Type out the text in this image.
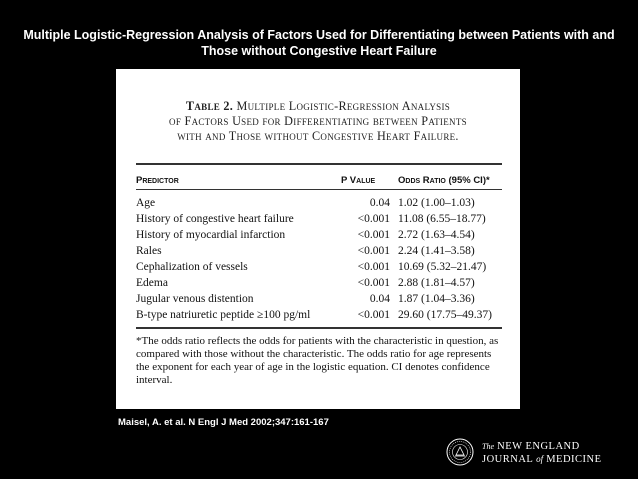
Multiple Logistic-Regression Analysis of Factors Used for Differentiating between Patients with and Those without Congestive Heart Failure
Table 2. Multiple Logistic-Regression Analysis
of Factors Used for Differentiating between Patients
with and Those without Congestive Heart Failure.
Predictor	P Value Odds Ratio (95% CI)*
Age	0.04 1.02 (1.00–1.03)
History of congestive heart failure	<0.001 11.08 (6.55–18.77)
History of myocardial infarction	<0.001 2.72 (1.63–4.54)
Rales	<0.001 2.24 (1.41–3.58)
Cephalization of vessels	<0.001 10.69 (5.32–21.47)
Edema	<0.001 2.88 (1.81–4.57)
Jugular venous distention	0.04 1.87 (1.04–3.36)
B-type natriuretic peptide ≥100 pg/ml	<0.001 29.60 (17.75–49.37)
*The odds ratio reflects the odds for patients with the characteristic in question, as compared with those without the characteristic. The odds ratio for age represents the exponent for each year of age in the logistic equation. CI denotes confidence interval.
Maisel, A. et al. N Engl J Med 2002;347:161-167
The NEW ENGLAND
JOURNAL of MEDICINE
